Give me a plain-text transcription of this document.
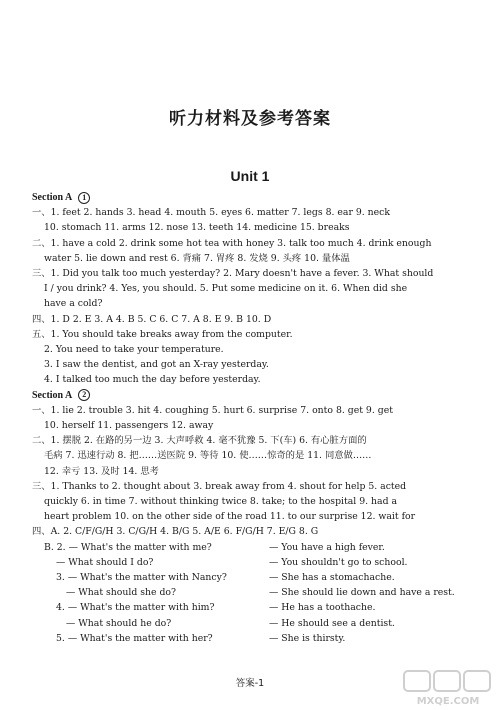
听力材料及参考答案
Unit 1
Section A 1
一、1. feet 2. hands 3. head 4. mouth 5. eyes 6. matter 7. legs 8. ear 9. neck
10. stomach 11. arms 12. nose 13. teeth 14. medicine 15. breaks
二、1. have a cold 2. drink some hot tea with honey 3. talk too much 4. drink enough
water 5. lie down and rest 6. 背痛 7. 胃疼 8. 发烧 9. 头疼 10. 量体温
三、1. Did you talk too much yesterday? 2. Mary doesn't have a fever. 3. What should
I / you drink? 4. Yes, you should. 5. Put some medicine on it. 6. When did she
have a cold?
四、1. D 2. E 3. A 4. B 5. C 6. C 7. A 8. E 9. B 10. D
五、1. You should take breaks away from the computer.
2. You need to take your temperature.
3. I saw the dentist, and got an X-ray yesterday.
4. I talked too much the day before yesterday.
Section A 2
一、1. lie 2. trouble 3. hit 4. coughing 5. hurt 6. surprise 7. onto 8. get 9. get
10. herself 11. passengers 12. away
二、1. 摆脱 2. 在路的另一边 3. 大声呼救 4. 毫不犹豫 5. 下(车) 6. 有心脏方面的
毛病 7. 迅速行动 8. 把……送医院 9. 等待 10. 使……惊奇的是 11. 同意做……
12. 幸亏 13. 及时 14. 思考
三、1. Thanks to 2. thought about 3. break away from 4. shout for help 5. acted
quickly 6. in time 7. without thinking twice 8. take; to the hospital 9. had a
heart problem 10. on the other side of the road 11. to our surprise 12. wait for
四、A. 2. C/F/G/H 3. C/G/H 4. B/G 5. A/E 6. F/G/H 7. E/G 8. G
B. 2. — What's the matter with me?	— You have a high fever.
— What should I do?	— You shouldn't go to school.
3. — What's the matter with Nancy?	— She has a stomachache.
— What should she do?	— She should lie down and have a rest.
4. — What's the matter with him?	— He has a toothache.
— What should he do?	— He should see a dentist.
5. — What's the matter with her?	— She is thirsty.
答案-1
MXQE.COM
